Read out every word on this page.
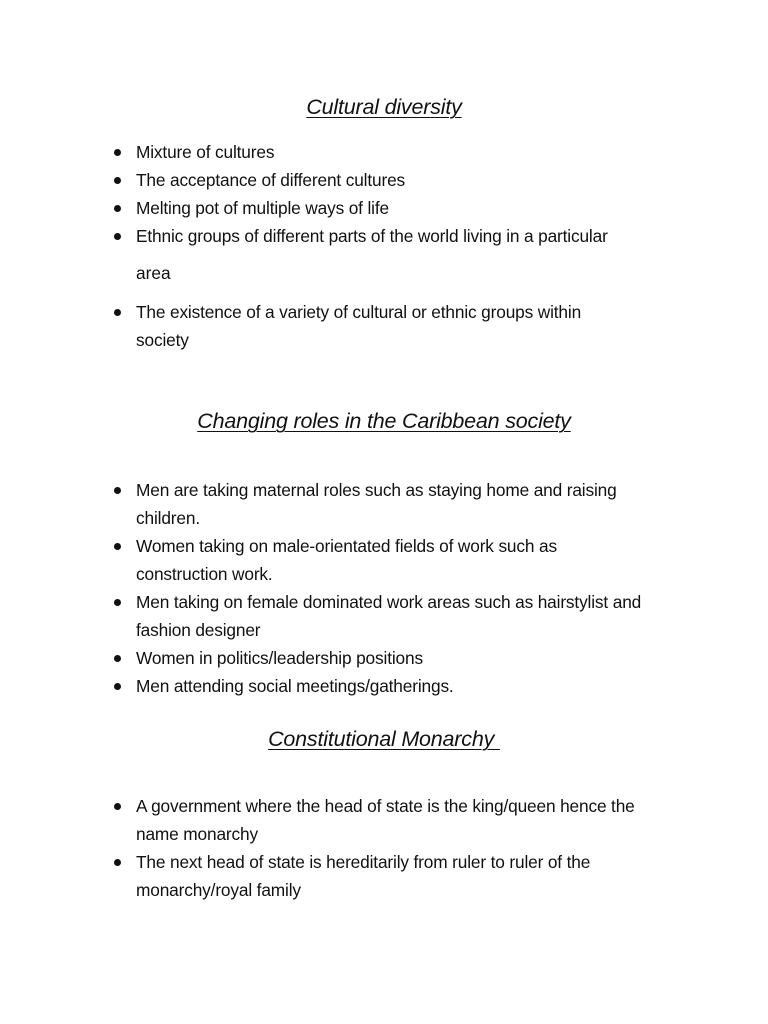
Cultural diversity
Mixture of cultures
The acceptance of different cultures
Melting pot of multiple ways of life
Ethnic groups of different parts of the world living in a particular
area
The existence of a variety of cultural or ethnic groups within society
Changing roles in the Caribbean society
Men are taking maternal roles such as staying home and raising children.
Women taking on male-orientated fields of work such as construction work.
Men taking on female dominated work areas such as hairstylist and fashion designer
Women in politics/leadership positions
Men attending social meetings/gatherings.
Constitutional Monarchy
A government where the head of state is the king/queen hence the name monarchy
The next head of state is hereditarily from ruler to ruler of the monarchy/royal family
